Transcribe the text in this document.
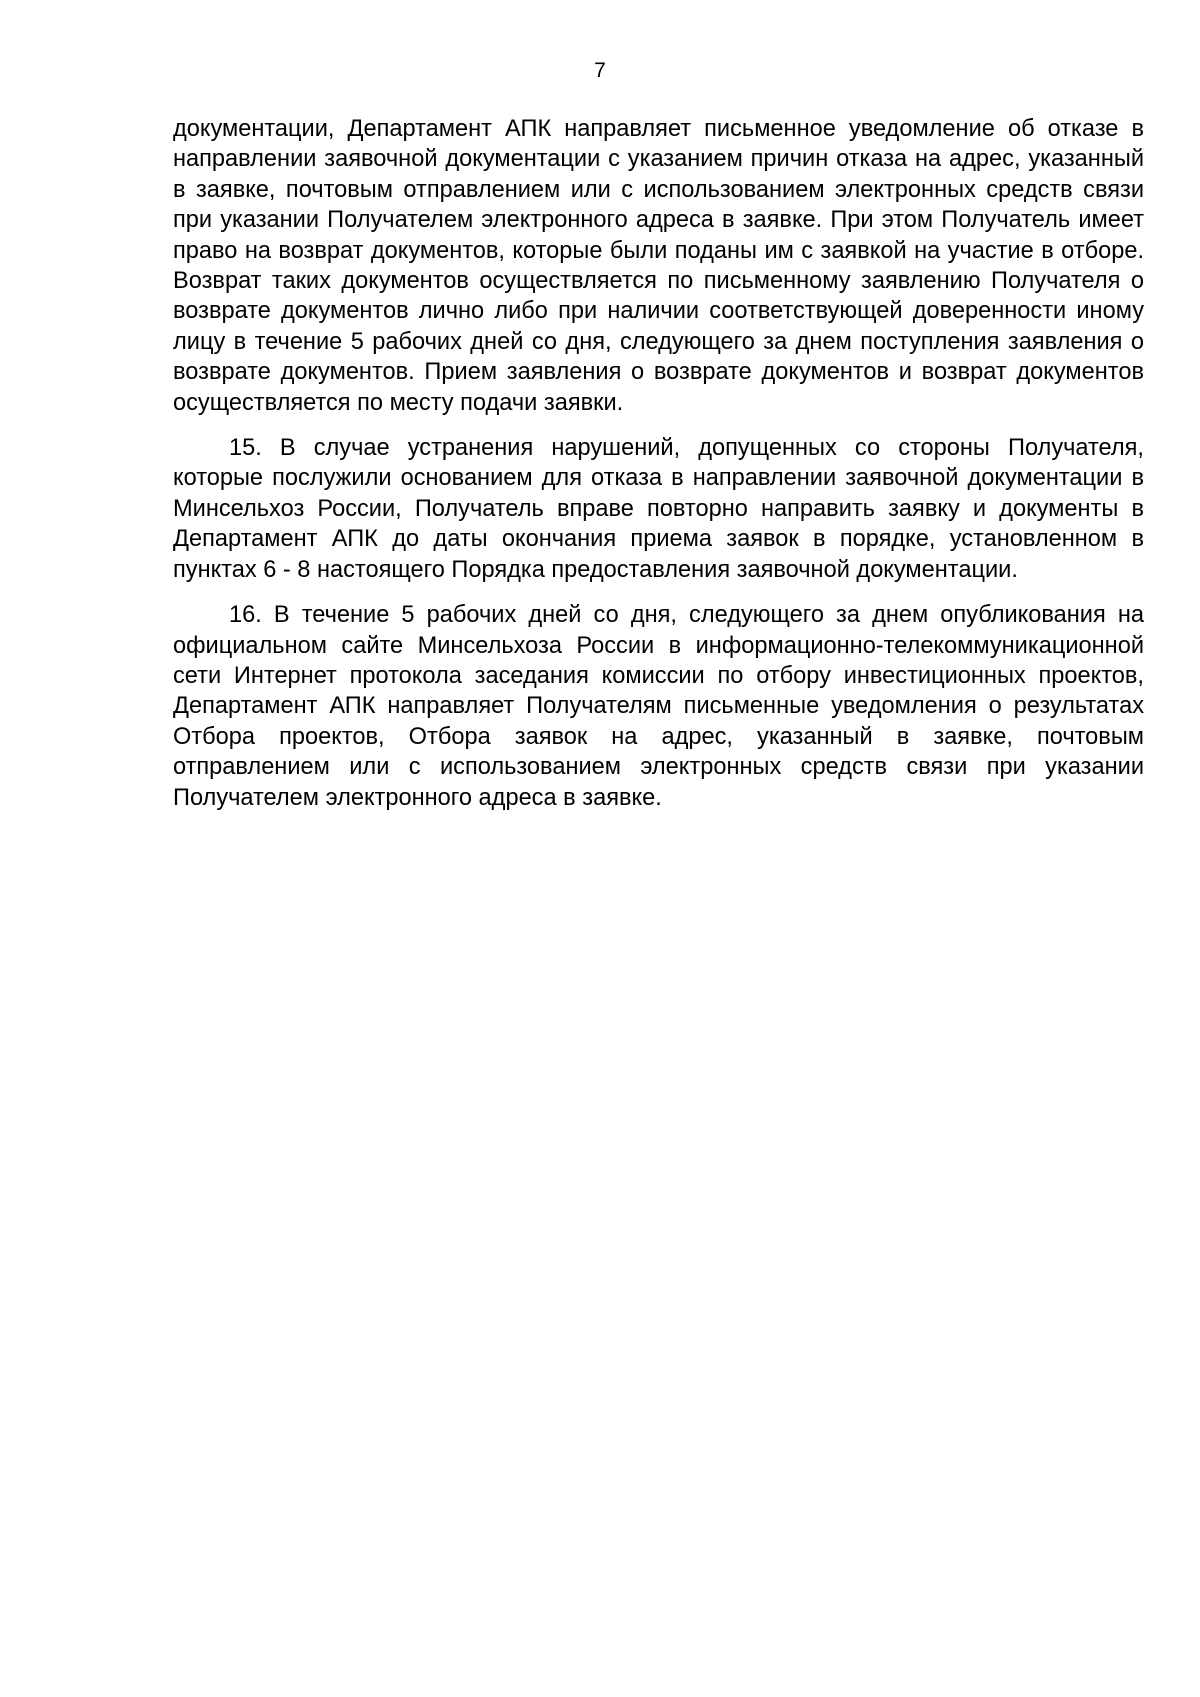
7

документации, Департамент АПК направляет письменное уведомление об отказе в направлении заявочной документации с указанием причин отказа на адрес, указанный в заявке, почтовым отправлением или с использованием электронных средств связи при указании Получателем электронного адреса в заявке. При этом Получатель имеет право на возврат документов, которые были поданы им с заявкой на участие в отборе. Возврат таких документов осуществляется по письменному заявлению Получателя о возврате документов лично либо при наличии соответствующей доверенности иному лицу в течение 5 рабочих дней со дня, следующего за днем поступления заявления о возврате документов. Прием заявления о возврате документов и возврат документов осуществляется по месту подачи заявки.

15. В случае устранения нарушений, допущенных со стороны Получателя, которые послужили основанием для отказа в направлении заявочной документации в Минсельхоз России, Получатель вправе повторно направить заявку и документы в Департамент АПК до даты окончания приема заявок в порядке, установленном в пунктах 6 - 8 настоящего Порядка предоставления заявочной документации.

16. В течение 5 рабочих дней со дня, следующего за днем опубликования на официальном сайте Минсельхоза России в информационно-телекоммуникационной сети Интернет протокола заседания комиссии по отбору инвестиционных проектов, Департамент АПК направляет Получателям письменные уведомления о результатах Отбора проектов, Отбора заявок на адрес, указанный в заявке, почтовым отправлением или с использованием электронных средств связи при указании Получателем электронного адреса в заявке.
